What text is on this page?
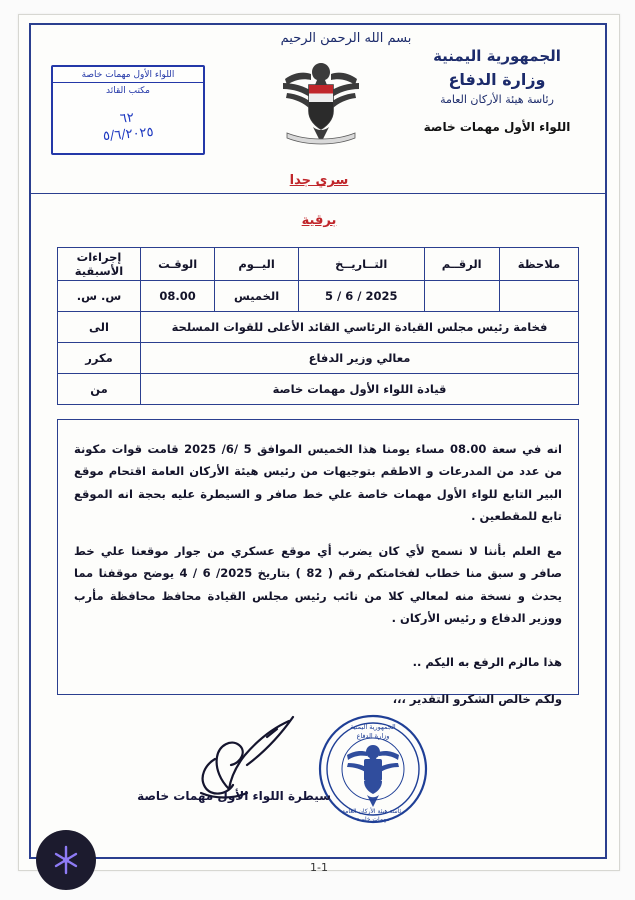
بسم الله الرحمن الرحيم
الجمهورية اليمنية
وزارة الدفاع
رئاسة هيئة الأركان العامة
اللواء الأول مهمات خاصة
اللواء الأول مهمات خاصة
مكتب القائد
٦٢
٥/٦/٢٠٢٥
سري جدا
برقية
ملاحظة	الرقــم	التــاريــخ	اليــوم	الوقـت	إجراءات الأسبقية
		2025 / 6 / 5	الخميس	08.00	س. س.
فخامة رئيس مجلس القيادة الرئاسي القائد الأعلى للقوات المسلحة					الى
معالي وزير الدفاع					مكرر
قيادة اللواء الأول مهمات خاصة					من

انه في سعة 08.00 مساء يومنا هذا الخميس الموافق 5 /6/ 2025 قامت قوات مكونة من عدد من المدرعات و الاطقم بتوجيهات من رئيس هيئة الأركان العامة اقتحام موقع البير التابع للواء الأول مهمات خاصة علي خط صافر و السيطرة عليه بحجة انه الموقع تابع للمقطعين .

مع العلم بأننا لا نسمح لأي كان يضرب أي موقع عسكري من جوار موقعنا علي خط صافر و سبق منا خطاب لفخامتكم رقم ( 82 ) بتاريخ 2025/ 6 / 4 يوضح موقفنا مما يحدث و نسخة منه لمعالي كلا من نائب رئيس مجلس القيادة محافظ محافظة مأرب ووزير الدفاع و رئيس الأركان .

هذا مالزم الرفع به اليكم ..

ولكم خالص الشكرو التقدير ،،،

الجمهورية اليمنية
وزارة الدفاع
رئاسة هيئة الأركان العامة
مهمات خاصة
سيطرة اللواء الأول مهمات خاصة
1-1
